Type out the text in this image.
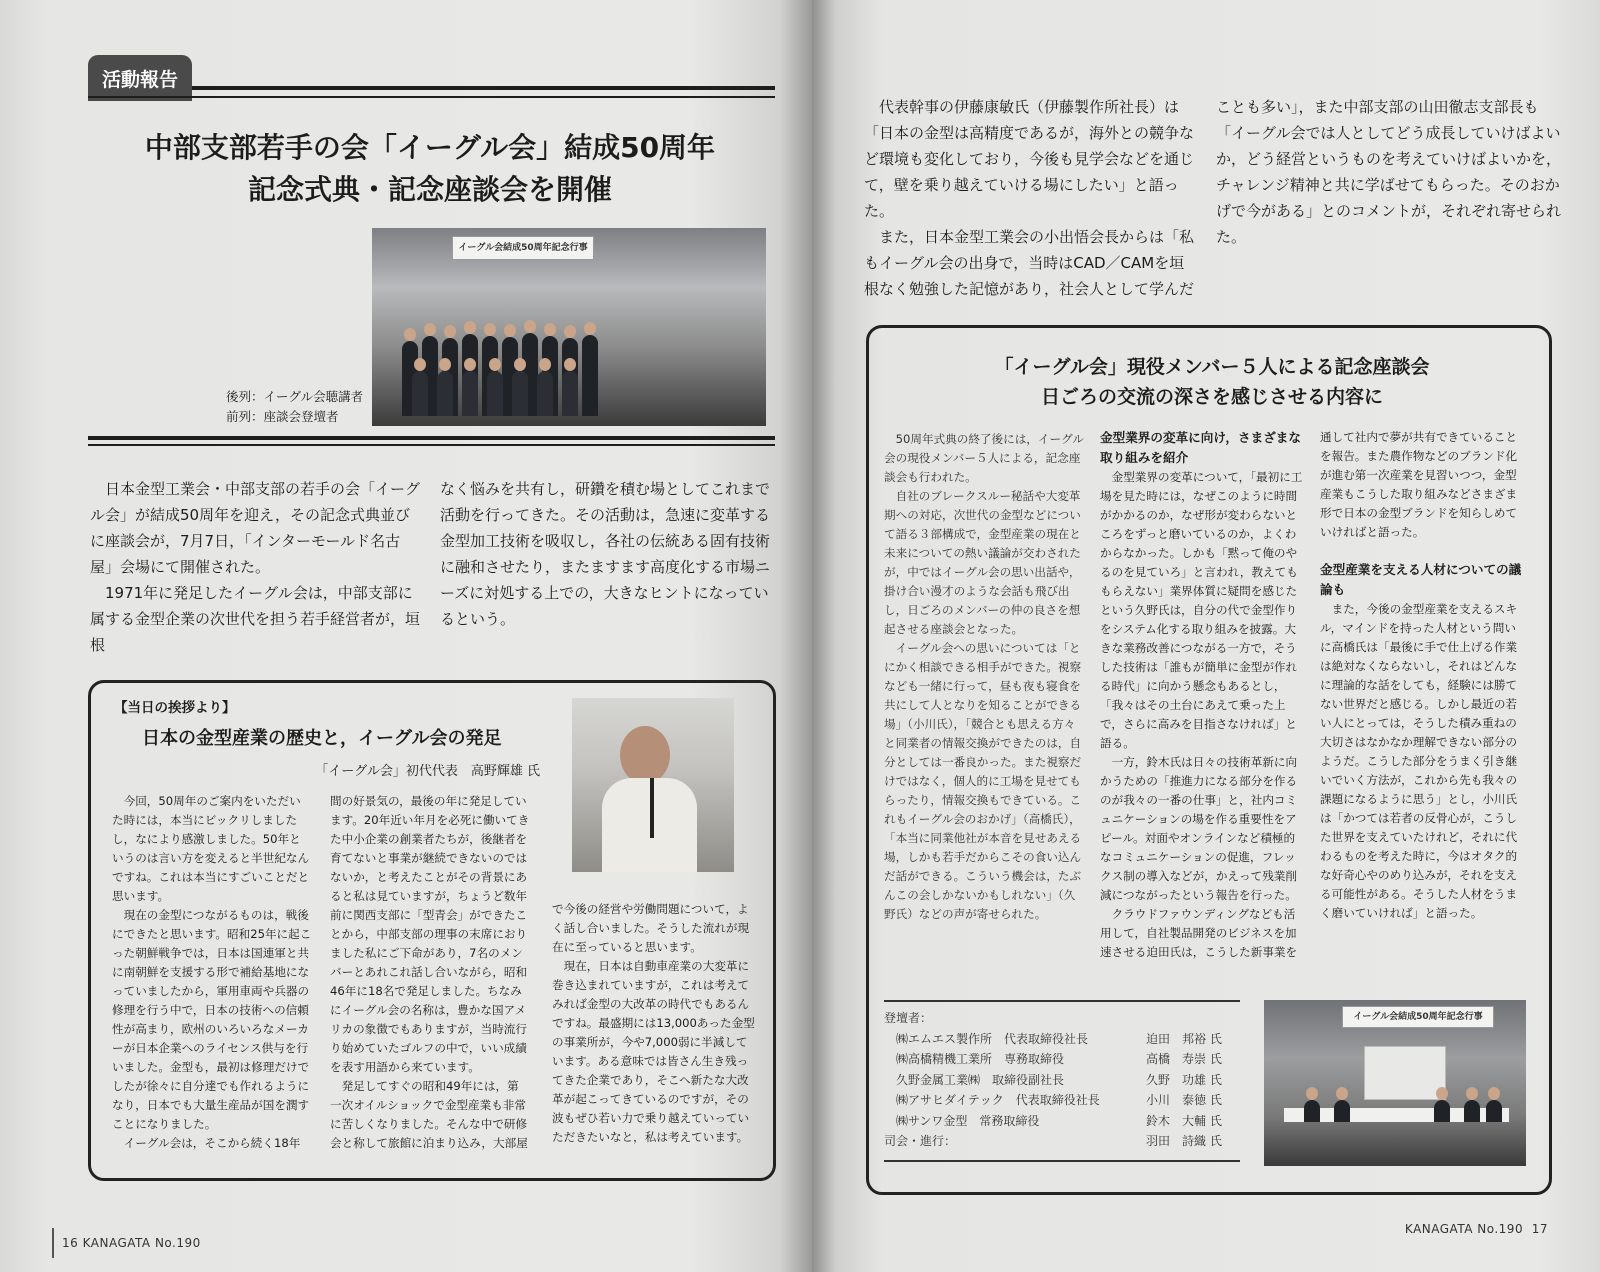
活動報告
中部支部若手の会「イーグル会」結成50周年
記念式典・記念座談会を開催
イーグル会結成50周年記念行事
後列：イーグル会聴講者
前列：座談会登壇者

日本金型工業会・中部支部の若手の会「イーグル会」が結成50周年を迎え，その記念式典並びに座談会が，7月7日，「インターモールド名古屋」会場にて開催された。

1971年に発足したイーグル会は，中部支部に属する金型企業の次世代を担う若手経営者が，垣根

なく悩みを共有し，研鑽を積む場としてこれまで活動を行ってきた。その活動は，急速に変革する金型加工技術を吸収し，各社の伝統ある固有技術に融和させたり，またますます高度化する市場ニーズに対処する上での，大きなヒントになっているという。

【当日の挨拶より】
日本の金型産業の歴史と，イーグル会の発足
「イーグル会」初代代表　高野輝雄 氏

今回，50周年のご案内をいただいた時には，本当にビックリしましたし，なにより感激しました。50年というのは言い方を変えると半世紀なんですね。これは本当にすごいことだと思います。

現在の金型につながるものは，戦後にできたと思います。昭和25年に起こった朝鮮戦争では，日本は国連軍と共に南朝鮮を支援する形で補給基地になっていましたから，軍用車両や兵器の修理を行う中で，日本の技術への信頼性が高まり，欧州のいろいろなメーカーが日本企業へのライセンス供与を行いました。金型も，最初は修理だけでしたが徐々に自分達でも作れるようになり，日本でも大量生産品が国を潤すことになりました。

イーグル会は，そこから続く18年

間の好景気の，最後の年に発足しています。20年近い年月を必死に働いてきた中小企業の創業者たちが，後継者を育てないと事業が継続できないのではないか，と考えたことがその背景にあると私は見ていますが，ちょうど数年前に関西支部に「型青会」ができたことから，中部支部の理事の末席におりました私にご下命があり，7名のメンバーとあれこれ話し合いながら，昭和46年に18名で発足しました。ちなみにイーグル会の名称は，豊かな国アメリカの象徴でもありますが，当時流行り始めていたゴルフの中で，いい成績を表す用語から来ています。

発足してすぐの昭和49年には，第一次オイルショックで金型産業も非常に苦しくなりました。そんな中で研修会と称して旅館に泊まり込み，大部屋

で今後の経営や労働問題について，よく話し合いました。そうした流れが現在に至っていると思います。

現在，日本は自動車産業の大変革に巻き込まれていますが，これは考えてみれば金型の大改革の時代でもあるんですね。最盛期には13,000あった金型の事業所が，今や7,000弱に半減しています。ある意味では皆さん生き残ってきた企業であり，そこへ新たな大改革が起こってきているのですが，その波もぜひ若い力で乗り越えていっていただきたいなと，私は考えています。

16 KANAGATA No.190

代表幹事の伊藤康敏氏（伊藤製作所社長）は「日本の金型は高精度であるが，海外との競争など環境も変化しており，今後も見学会などを通じて，壁を乗り越えていける場にしたい」と語った。

また，日本金型工業会の小出悟会長からは「私もイーグル会の出身で，当時はCAD／CAMを垣根なく勉強した記憶があり，社会人として学んだ

ことも多い」，また中部支部の山田徹志支部長も「イーグル会では人としてどう成長していけばよいか，どう経営というものを考えていけばよいかを，チャレンジ精神と共に学ばせてもらった。そのおかげで今がある」とのコメントが，それぞれ寄せられた。

「イーグル会」現役メンバー５人による記念座談会
日ごろの交流の深さを感じさせる内容に

50周年式典の終了後には，イーグル会の現役メンバー５人による，記念座談会も行われた。

自社のブレークスルー秘話や大変革期への対応，次世代の金型などについて語る３部構成で，金型産業の現在と未来についての熱い議論が交わされたが，中ではイーグル会の思い出話や，掛け合い漫才のような会話も飛び出し，日ごろのメンバーの仲の良さを想起させる座談会となった。

イーグル会への思いについては「とにかく相談できる相手ができた。視察なども一緒に行って，昼も夜も寝食を共にして人となりを知ることができる場」（小川氏），「競合とも思える方々と同業者の情報交換ができたのは，自分としては一番良かった。また視察だけではなく，個人的に工場を見せてもらったり，情報交換もできている。これもイーグル会のおかげ」（高橋氏），「本当に同業他社が本音を見せあえる場，しかも若手だからこその食い込んだ話ができる。こういう機会は，たぶんこの会しかないかもしれない」（久野氏）などの声が寄せられた。

金型業界の変革に向け，さまざまな取り組みを紹介

金型業界の変革について，「最初に工場を見た時には，なぜこのように時間がかかるのか，なぜ形が変わらないところをずっと磨いているのか，よくわからなかった。しかも「黙って俺のやるのを見ていろ」と言われ，教えてももらえない」業界体質に疑問を感じたという久野氏は，自分の代で金型作りをシステム化する取り組みを披露。大きな業務改善につながる一方で，そうした技術は「誰もが簡単に金型が作れる時代」に向かう懸念もあるとし，「我々はその土台にあえて乗った上で，さらに高みを目指さなければ」と語る。

一方，鈴木氏は日々の技術革新に向かうための「推進力になる部分を作るのが我々の一番の仕事」と，社内コミュニケーションの場を作る重要性をアピール。対面やオンラインなど積極的なコミュニケーションの促進，フレックス制の導入などが，かえって残業削減につながったという報告を行った。

クラウドファウンディングなども活用して，自社製品開発のビジネスを加速させる迫田氏は，こうした新事業を

通して社内で夢が共有できていることを報告。また農作物などのブランド化が進む第一次産業を見習いつつ，金型産業もこうした取り組みなどさまざま形で日本の金型ブランドを知らしめていければと語った。

金型産業を支える人材についての議論も

また，今後の金型産業を支えるスキル，マインドを持った人材という問いに高橋氏は「最後に手で仕上げる作業は絶対なくならないし，それはどんなに理論的な話をしても，経験には勝てない世界だと感じる。しかし最近の若い人にとっては，そうした積み重ねの大切さはなかなか理解できない部分のようだ。こうした部分をうまく引き継いでいく方法が，これから先も我々の課題になるように思う」とし，小川氏は「かつては若者の反骨心が，こうした世界を支えていたけれど，それに代わるものを考えた時に，今はオタク的な好奇心やのめり込みが，それを支える可能性がある。そうした人材をうまく磨いていければ」と語った。

登壇者：
㈱エムエス製作所　代表取締役社長	迫田　邦裕 氏
㈱高橋精機工業所　専務取締役	高橋　寿崇 氏
久野金属工業㈱　取締役副社長	久野　功雄 氏
㈱アサヒダイテック　代表取締役社長	小川　泰徳 氏
㈱サンワ金型　常務取締役	鈴木　大輔 氏
司会・進行：	羽田　詩織 氏
イーグル会結成50周年記念行事
KANAGATA No.190 17
